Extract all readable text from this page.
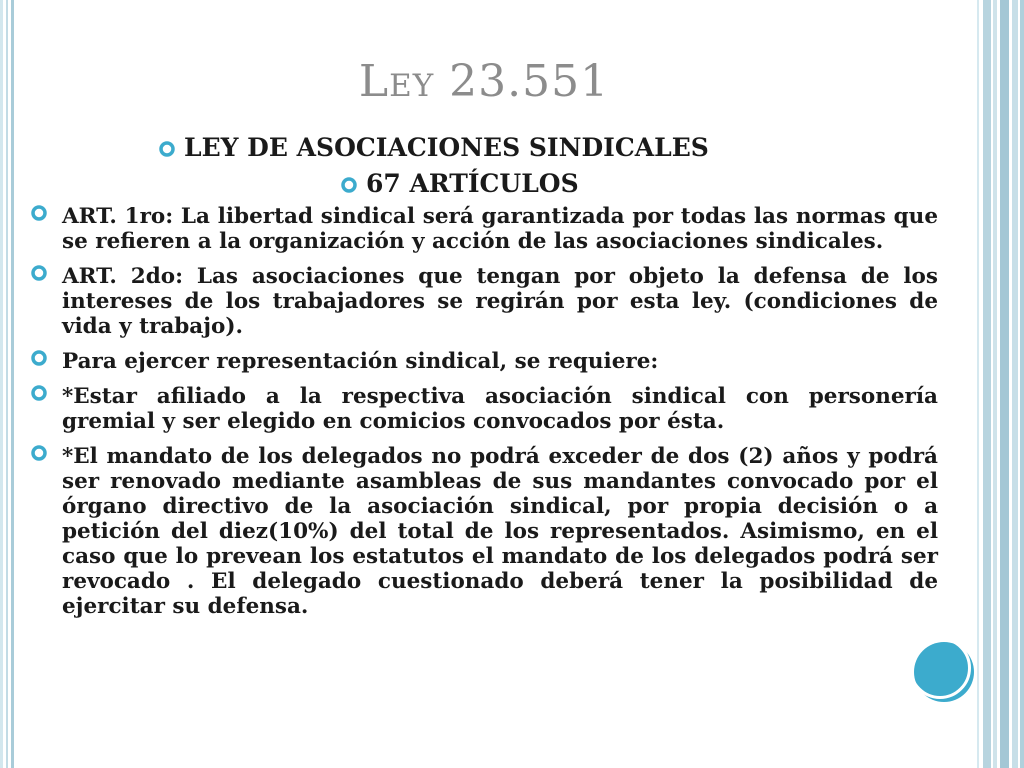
Ley 23.551
LEY DE ASOCIACIONES SINDICALES
67 ARTÍCULOS
ART. 1ro: La libertad sindical será garantizada por todas las normas que se refieren a la organización y acción de las asociaciones sindicales.
ART. 2do: Las asociaciones que tengan por objeto la defensa de los intereses de los trabajadores se regirán por esta ley. (condiciones de vida y trabajo).
Para ejercer representación sindical, se requiere:
*Estar afiliado a la respectiva asociación sindical con personería gremial y ser elegido en comicios convocados por ésta.
*El mandato de los delegados no podrá exceder de dos (2) años y podrá ser renovado mediante asambleas de sus mandantes convocado por el órgano directivo de la asociación sindical, por propia decisión o a petición del diez(10%) del total de los representados. Asimismo, en el caso que lo prevean los estatutos el mandato de los delegados podrá ser revocado . El delegado cuestionado deberá tener la posibilidad de ejercitar su defensa.
